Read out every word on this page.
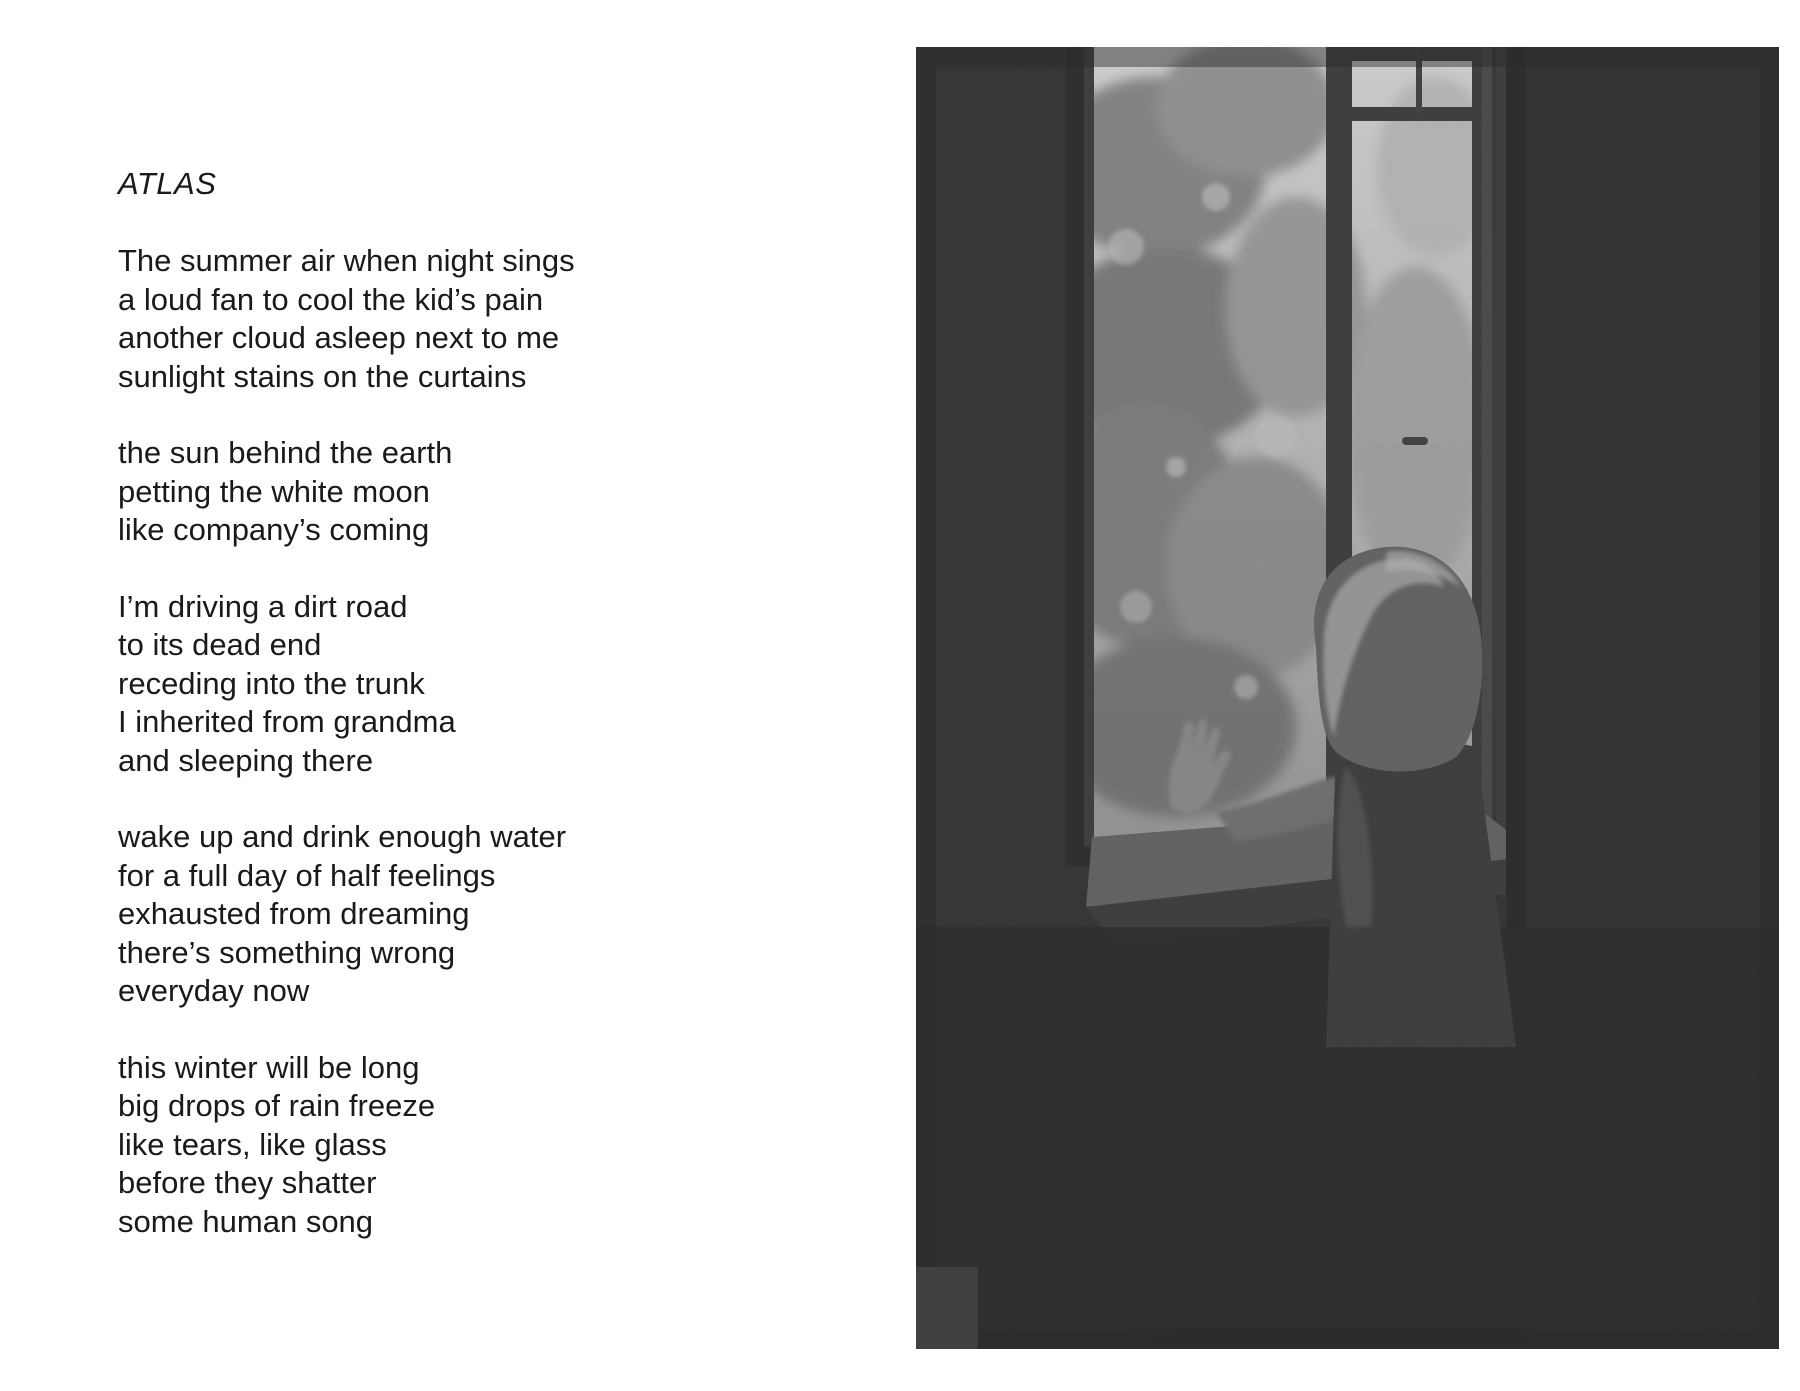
ATLAS
The summer air when night sings
a loud fan to cool the kid’s pain
another cloud asleep next to me
sunlight stains on the curtains
the sun behind the earth
petting the white moon
like company’s coming
I’m driving a dirt road
to its dead end
receding into the trunk
I inherited from grandma
and sleeping there
wake up and drink enough water
for a full day of half feelings
exhausted from dreaming
there’s something wrong
everyday now
this winter will be long
big drops of rain freeze
like tears, like glass
before they shatter
some human song
